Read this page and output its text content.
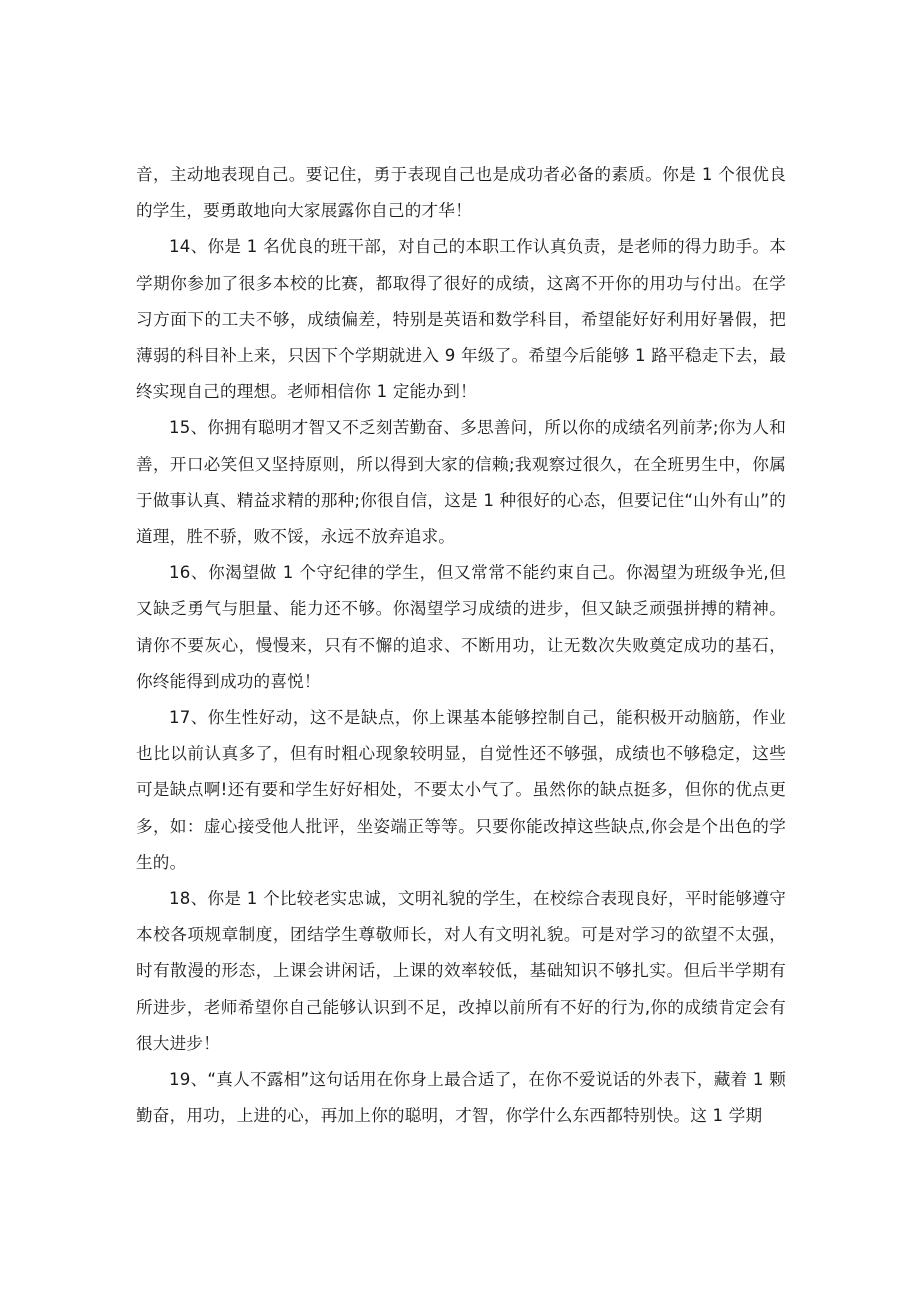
音，主动地表现自己。要记住，勇于表现自己也是成功者必备的素质。你是 1 个很优良的学生，要勇敢地向大家展露你自己的才华！

14、你是 1 名优良的班干部，对自己的本职工作认真负责，是老师的得力助手。本学期你参加了很多本校的比赛，都取得了很好的成绩，这离不开你的用功与付出。在学习方面下的工夫不够，成绩偏差，特别是英语和数学科目，希望能好好利用好暑假，把薄弱的科目补上来，只因下个学期就进入 9 年级了。希望今后能够 1 路平稳走下去，最终实现自己的理想。老师相信你 1 定能办到！

15、你拥有聪明才智又不乏刻苦勤奋、多思善问，所以你的成绩名列前茅;你为人和善，开口必笑但又坚持原则，所以得到大家的信赖;我观察过很久，在全班男生中，你属于做事认真、精益求精的那种;你很自信，这是 1 种很好的心态，但要记住“山外有山”的道理，胜不骄，败不馁，永远不放弃追求。

16、你渴望做 1 个守纪律的学生，但又常常不能约束自己。你渴望为班级争光,但又缺乏勇气与胆量、能力还不够。你渴望学习成绩的进步，但又缺乏顽强拼搏的精神。请你不要灰心，慢慢来，只有不懈的追求、不断用功，让无数次失败奠定成功的基石，你终能得到成功的喜悦！

17、你生性好动，这不是缺点，你上课基本能够控制自己，能积极开动脑筋，作业也比以前认真多了，但有时粗心现象较明显，自觉性还不够强，成绩也不够稳定，这些可是缺点啊!还有要和学生好好相处，不要太小气了。虽然你的缺点挺多，但你的优点更多，如：虚心接受他人批评，坐姿端正等等。只要你能改掉这些缺点,你会是个出色的学生的。

18、你是 1 个比较老实忠诚，文明礼貌的学生，在校综合表现良好，平时能够遵守本校各项规章制度，团结学生尊敬师长，对人有文明礼貌。可是对学习的欲望不太强，时有散漫的形态，上课会讲闲话，上课的效率较低，基础知识不够扎实。但后半学期有所进步，老师希望你自己能够认识到不足，改掉以前所有不好的行为,你的成绩肯定会有很大进步！

19、“真人不露相”这句话用在你身上最合适了，在你不爱说话的外表下，藏着 1 颗勤奋，用功，上进的心，再加上你的聪明，才智，你学什么东西都特别快。这 1 学期
